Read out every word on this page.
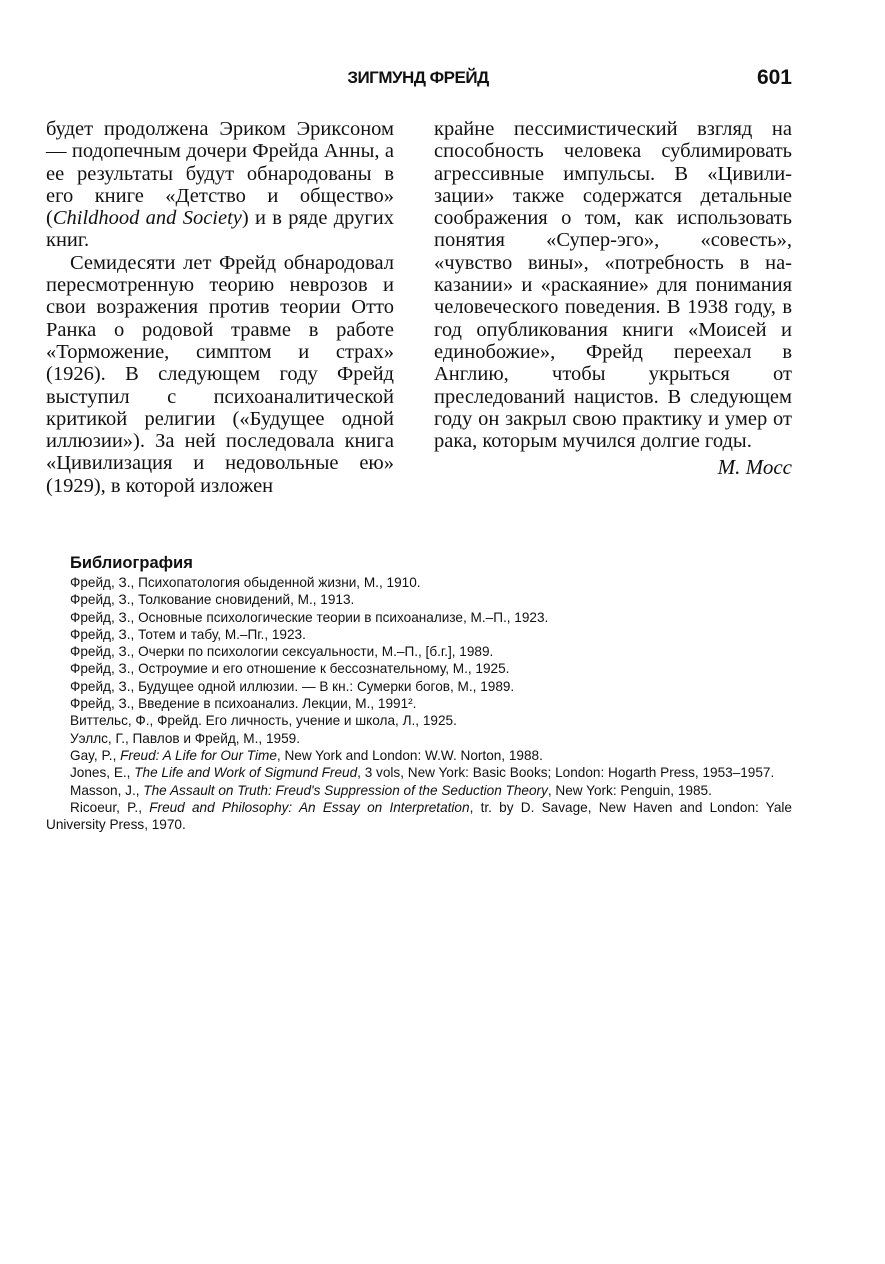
ЗИГМУНД ФРЕЙД	601

будет продолжена Эриком Эриксоном — подопечным дочери Фрейда Анны, а ее результаты будут обнародованы в его книге «Детство и общество» (Childhood and Society) и в ряде других книг.

Семидесяти лет Фрейд обнародовал пересмотренную теорию неврозов и свои возражения против теории Отто Ранка о родовой травме в работе «Торможение, симптом и страх» (1926). В следующем году Фрейд выступил с психоаналитической критикой религии («Будущее одной иллюзии»). За ней последовала книга «Цивилизация и недовольные ею» (1929), в которой изложен

крайне пессимистический взгляд на способность человека сублимировать агрессивные импульсы. В «Цивилизации» также содержатся детальные соображения о том, как использовать понятия «Супер-эго», «совесть», «чувство вины», «потребность в наказании» и «раскаяние» для понимания человеческого поведения. В 1938 году, в год опубликования книги «Моисей и единобожие», Фрейд переехал в Англию, чтобы укрыться от преследований нацистов. В следующем году он закрыл свою практику и умер от рака, которым мучился долгие годы.

М. Мосс
Библиография
Фрейд, З., Психопатология обыденной жизни, М., 1910.
Фрейд, З., Толкование сновидений, М., 1913.
Фрейд, З., Основные психологические теории в психоанализе, М.–П., 1923.
Фрейд, З., Тотем и табу, М.–Пг., 1923.
Фрейд, З., Очерки по психологии сексуальности, М.–П., [б.г.], 1989.
Фрейд, З., Остроумие и его отношение к бессознательному, М., 1925.
Фрейд, З., Будущее одной иллюзии. — В кн.: Сумерки богов, М., 1989.
Фрейд, З., Введение в психоанализ. Лекции, М., 1991².
Виттельс, Ф., Фрейд. Его личность, учение и школа, Л., 1925.
Уэллс, Г., Павлов и Фрейд, М., 1959.
Gay, P., Freud: A Life for Our Time, New York and London: W.W. Norton, 1988.
Jones, E., The Life and Work of Sigmund Freud, 3 vols, New York: Basic Books; London: Hogarth Press, 1953–1957.
Masson, J., The Assault on Truth: Freud's Suppression of the Seduction Theory, New York: Penguin, 1985.
Ricoeur, P., Freud and Philosophy: An Essay on Interpretation, tr. by D. Savage, New Haven and London: Yale University Press, 1970.
